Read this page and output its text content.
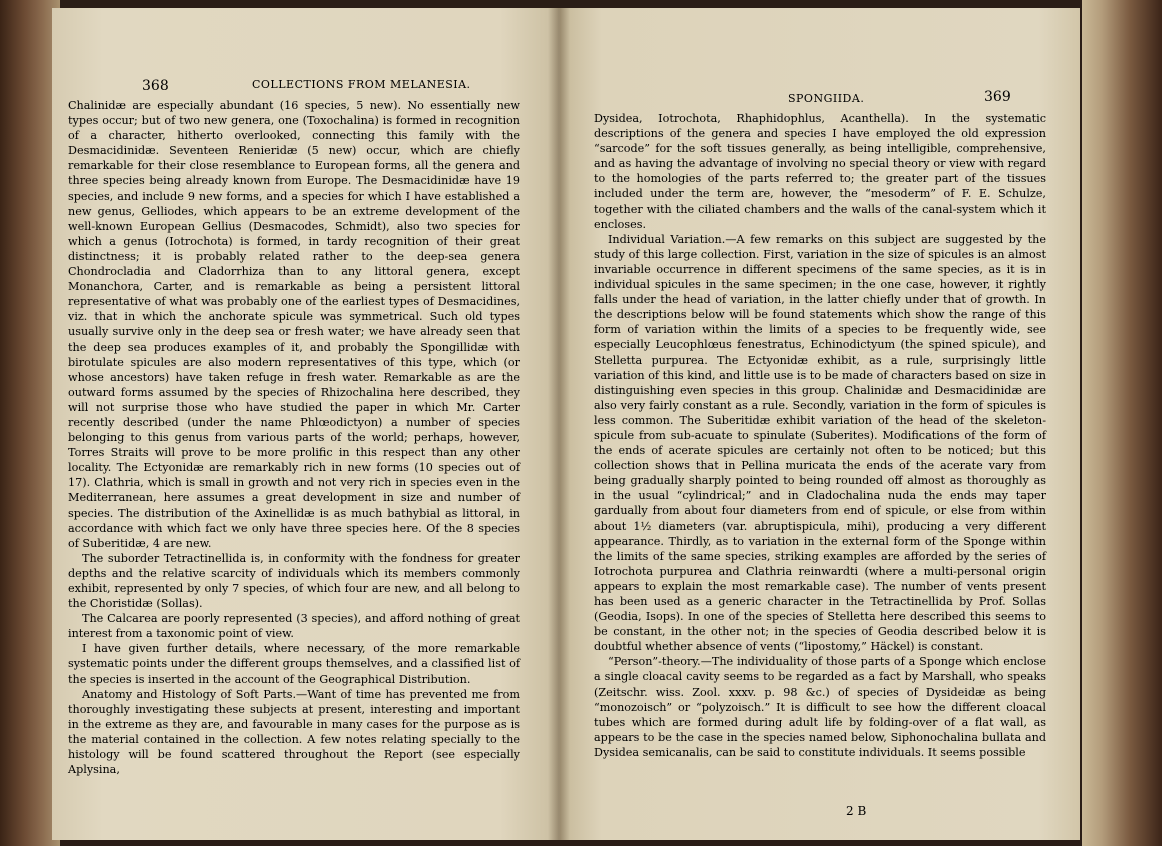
368	COLLECTIONS FROM MELANESIA.

Chalinidæ are especially abundant (16 species, 5 new). No essentially new types occur; but of two new genera, one (Toxochalina) is formed in recognition of a character, hitherto overlooked, connecting this family with the Desmacidinidæ. Seventeen Renieridæ (5 new) occur, which are chiefly remarkable for their close resemblance to European forms, all the genera and three species being already known from Europe. The Desmacidinidæ have 19 species, and include 9 new forms, and a species for which I have established a new genus, Gelliodes, which appears to be an extreme development of the well-known European Gellius (Desmacodes, Schmidt), also two species for which a genus (Iotrochota) is formed, in tardy recognition of their great distinctness; it is probably related rather to the deep-sea genera Chondrocladia and Cladorrhiza than to any littoral genera, except Monanchora, Carter, and is remarkable as being a persistent littoral representative of what was probably one of the earliest types of Desmacidines, viz. that in which the anchorate spicule was symmetrical. Such old types usually survive only in the deep sea or fresh water; we have already seen that the deep sea produces examples of it, and probably the Spongillidæ with birotulate spicules are also modern representatives of this type, which (or whose ancestors) have taken refuge in fresh water. Remarkable as are the outward forms assumed by the species of Rhizochalina here described, they will not surprise those who have studied the paper in which Mr. Carter recently described (under the name Phlœodictyon) a number of species belonging to this genus from various parts of the world; perhaps, however, Torres Straits will prove to be more prolific in this respect than any other locality. The Ectyonidæ are remarkably rich in new forms (10 species out of 17). Clathria, which is small in growth and not very rich in species even in the Mediterranean, here assumes a great development in size and number of species. The distribution of the Axinellidæ is as much bathybial as littoral, in accordance with which fact we only have three species here. Of the 8 species of Suberitidæ, 4 are new.

The suborder Tetractinellida is, in conformity with the fondness for greater depths and the relative scarcity of individuals which its members commonly exhibit, represented by only 7 species, of which four are new, and all belong to the Choristidæ (Sollas).

The Calcarea are poorly represented (3 species), and afford nothing of great interest from a taxonomic point of view.

I have given further details, where necessary, of the more remarkable systematic points under the different groups themselves, and a classified list of the species is inserted in the account of the Geographical Distribution.

Anatomy and Histology of Soft Parts.—Want of time has prevented me from thoroughly investigating these subjects at present, interesting and important in the extreme as they are, and favourable in many cases for the purpose as is the material contained in the collection. A few notes relating specially to the histology will be found scattered throughout the Report (see especially Aplysina,

SPONGIIDA.	369

Dysidea, Iotrochota, Rhaphidophlus, Acanthella). In the systematic descriptions of the genera and species I have employed the old expression “sarcode” for the soft tissues generally, as being intelligible, comprehensive, and as having the advantage of involving no special theory or view with regard to the homologies of the parts referred to; the greater part of the tissues included under the term are, however, the “mesoderm” of F. E. Schulze, together with the ciliated chambers and the walls of the canal-system which it encloses.

Individual Variation.—A few remarks on this subject are suggested by the study of this large collection. First, variation in the size of spicules is an almost invariable occurrence in different specimens of the same species, as it is in individual spicules in the same specimen; in the one case, however, it rightly falls under the head of variation, in the latter chiefly under that of growth. In the descriptions below will be found statements which show the range of this form of variation within the limits of a species to be frequently wide, see especially Leucophlœus fenestratus, Echinodictyum (the spined spicule), and Stelletta purpurea. The Ectyonidæ exhibit, as a rule, surprisingly little variation of this kind, and little use is to be made of characters based on size in distinguishing even species in this group. Chalinidæ and Desmacidinidæ are also very fairly constant as a rule. Secondly, variation in the form of spicules is less common. The Suberitidæ exhibit variation of the head of the skeleton-spicule from sub-acuate to spinulate (Suberites). Modifications of the form of the ends of acerate spicules are certainly not often to be noticed; but this collection shows that in Pellina muricata the ends of the acerate vary from being gradually sharply pointed to being rounded off almost as thoroughly as in the usual “cylindrical;” and in Cladochalina nuda the ends may taper gardually from about four diameters from end of spicule, or else from within about 1½ diameters (var. abruptispicula, mihi), producing a very different appearance. Thirdly, as to variation in the external form of the Sponge within the limits of the same species, striking examples are afforded by the series of Iotrochota purpurea and Clathria reinwardti (where a multi-personal origin appears to explain the most remarkable case). The number of vents present has been used as a generic character in the Tetractinellida by Prof. Sollas (Geodia, Isops). In one of the species of Stelletta here described this seems to be constant, in the other not; in the species of Geodia described below it is doubtful whether absence of vents (“lipostomy,” Häckel) is constant.

“Person”-theory.—The individuality of those parts of a Sponge which enclose a single cloacal cavity seems to be regarded as a fact by Marshall, who speaks (Zeitschr. wiss. Zool. xxxv. p. 98 &c.) of species of Dysideidæ as being “monozoisch” or “polyzoisch.” It is difficult to see how the different cloacal tubes which are formed during adult life by folding-over of a flat wall, as appears to be the case in the species named below, Siphonochalina bullata and Dysidea semicanalis, can be said to constitute individuals. It seems possible

2 B
